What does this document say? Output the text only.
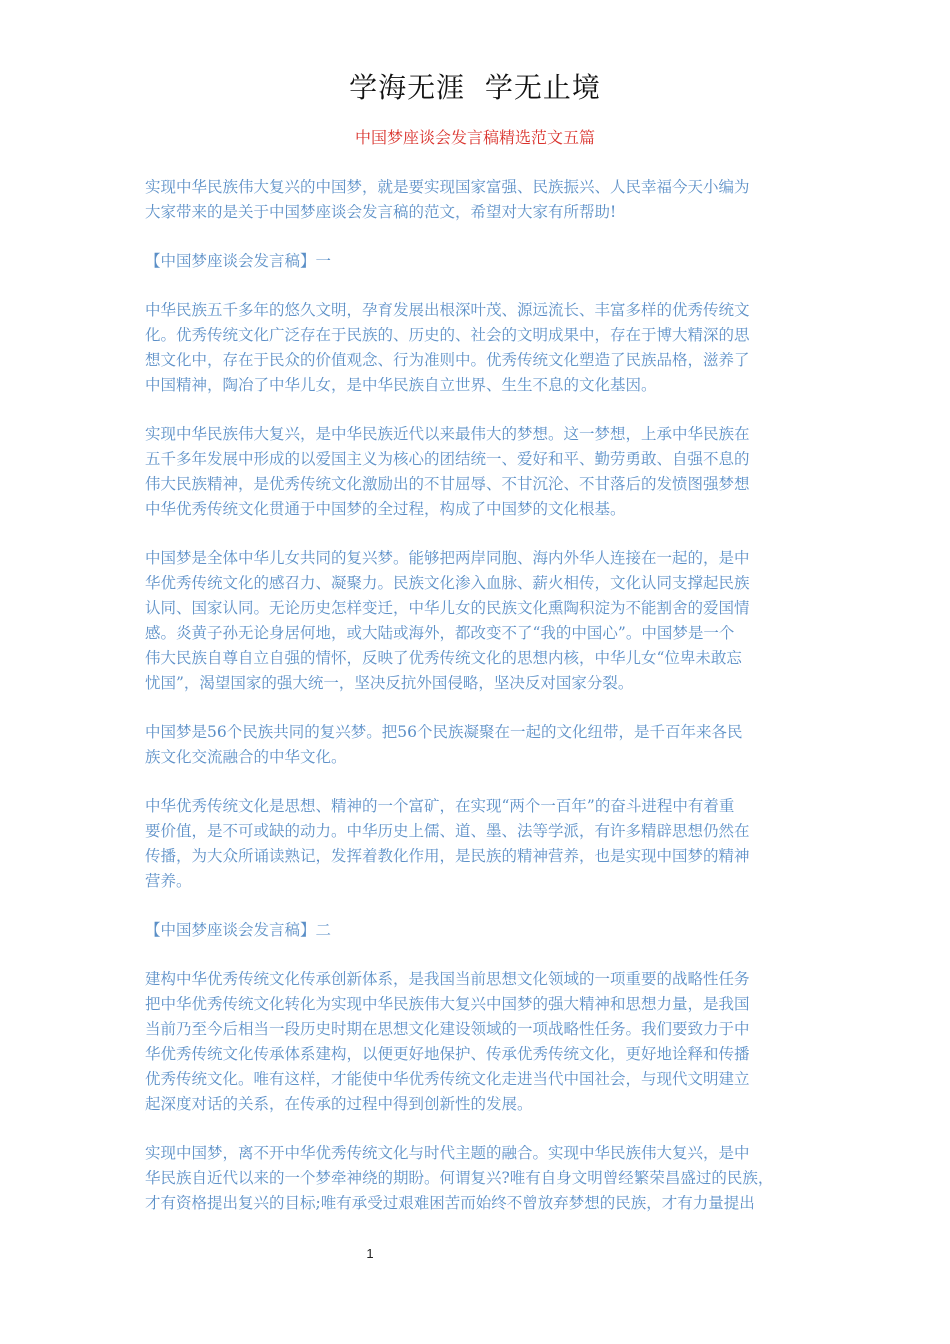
学海无涯  学无止境
中国梦座谈会发言稿精选范文五篇
实现中华民族伟大复兴的中国梦，就是要实现国家富强、民族振兴、人民幸福今天小编为
大家带来的是关于中国梦座谈会发言稿的范文，希望对大家有所帮助!
【中国梦座谈会发言稿】一
中华民族五千多年的悠久文明，孕育发展出根深叶茂、源远流长、丰富多样的优秀传统文
化。优秀传统文化广泛存在于民族的、历史的、社会的文明成果中，存在于博大精深的思
想文化中，存在于民众的价值观念、行为准则中。优秀传统文化塑造了民族品格，滋养了
中国精神，陶冶了中华儿女，是中华民族自立世界、生生不息的文化基因。
实现中华民族伟大复兴，是中华民族近代以来最伟大的梦想。这一梦想，上承中华民族在
五千多年发展中形成的以爱国主义为核心的团结统一、爱好和平、勤劳勇敢、自强不息的
伟大民族精神，是优秀传统文化激励出的不甘屈辱、不甘沉沦、不甘落后的发愤图强梦想
中华优秀传统文化贯通于中国梦的全过程，构成了中国梦的文化根基。
中国梦是全体中华儿女共同的复兴梦。能够把两岸同胞、海内外华人连接在一起的，是中
华优秀传统文化的感召力、凝聚力。民族文化渗入血脉、薪火相传，文化认同支撑起民族
认同、国家认同。无论历史怎样变迁，中华儿女的民族文化熏陶积淀为不能割舍的爱国情
感。炎黄子孙无论身居何地，或大陆或海外，都改变不了“我的中国心”。中国梦是一个
伟大民族自尊自立自强的情怀，反映了优秀传统文化的思想内核，中华儿女“位卑未敢忘
忧国”，渴望国家的强大统一，坚决反抗外国侵略，坚决反对国家分裂。
中国梦是56个民族共同的复兴梦。把56个民族凝聚在一起的文化纽带，是千百年来各民
族文化交流融合的中华文化。
中华优秀传统文化是思想、精神的一个富矿，在实现“两个一百年”的奋斗进程中有着重
要价值，是不可或缺的动力。中华历史上儒、道、墨、法等学派，有许多精辟思想仍然在
传播，为大众所诵读熟记，发挥着教化作用，是民族的精神营养，也是实现中国梦的精神
营养。
【中国梦座谈会发言稿】二
建构中华优秀传统文化传承创新体系，是我国当前思想文化领域的一项重要的战略性任务
把中华优秀传统文化转化为实现中华民族伟大复兴中国梦的强大精神和思想力量，是我国
当前乃至今后相当一段历史时期在思想文化建设领域的一项战略性任务。我们要致力于中
华优秀传统文化传承体系建构，以便更好地保护、传承优秀传统文化，更好地诠释和传播
优秀传统文化。唯有这样，才能使中华优秀传统文化走进当代中国社会，与现代文明建立
起深度对话的关系，在传承的过程中得到创新性的发展。
实现中国梦，离不开中华优秀传统文化与时代主题的融合。实现中华民族伟大复兴，是中
华民族自近代以来的一个梦牵神绕的期盼。何谓复兴?唯有自身文明曾经繁荣昌盛过的民族，
才有资格提出复兴的目标;唯有承受过艰难困苦而始终不曾放弃梦想的民族，才有力量提出
1
